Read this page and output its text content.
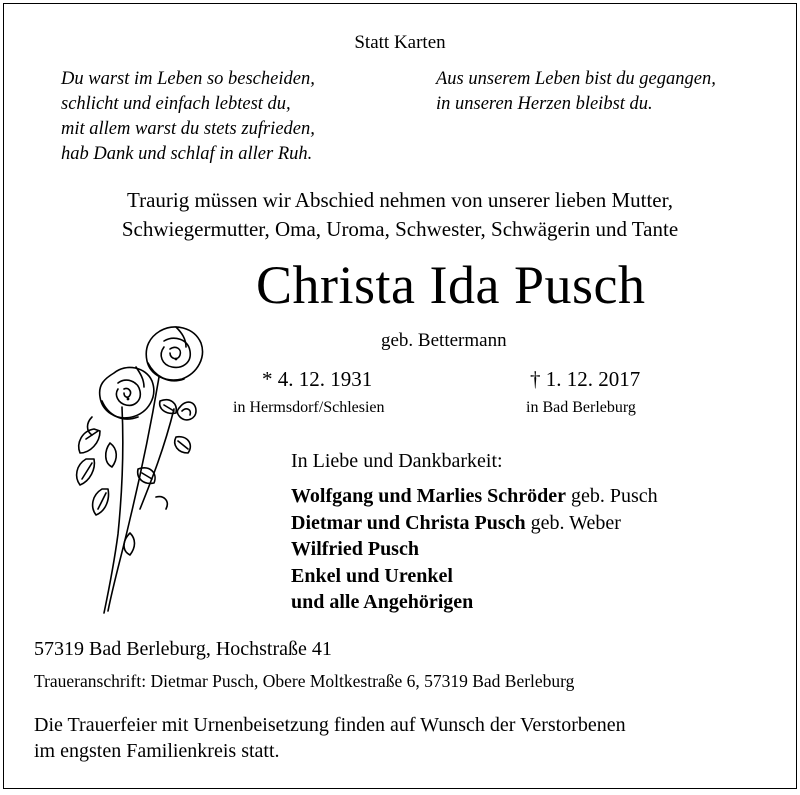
Statt Karten
Du warst im Leben so bescheiden,
schlicht und einfach lebtest du,
mit allem warst du stets zufrieden,
hab Dank und schlaf in aller Ruh.
Aus unserem Leben bist du gegangen,
in unseren Herzen bleibst du.
Traurig müssen wir Abschied nehmen von unserer lieben Mutter,
Schwiegermutter, Oma, Uroma, Schwester, Schwägerin und Tante
Christa Ida Pusch
geb. Bettermann
* 4. 12. 1931
in Hermsdorf/Schlesien
† 1. 12. 2017
in Bad Berleburg
In Liebe und Dankbarkeit:
Wolfgang und Marlies Schröder geb. Pusch
Dietmar und Christa Pusch geb. Weber
Wilfried Pusch
Enkel und Urenkel
und alle Angehörigen
57319 Bad Berleburg, Hochstraße 41
Traueranschrift: Dietmar Pusch, Obere Moltkestraße 6, 57319 Bad Berleburg
Die Trauerfeier mit Urnenbeisetzung finden auf Wunsch der Verstorbenen
im engsten Familienkreis statt.
